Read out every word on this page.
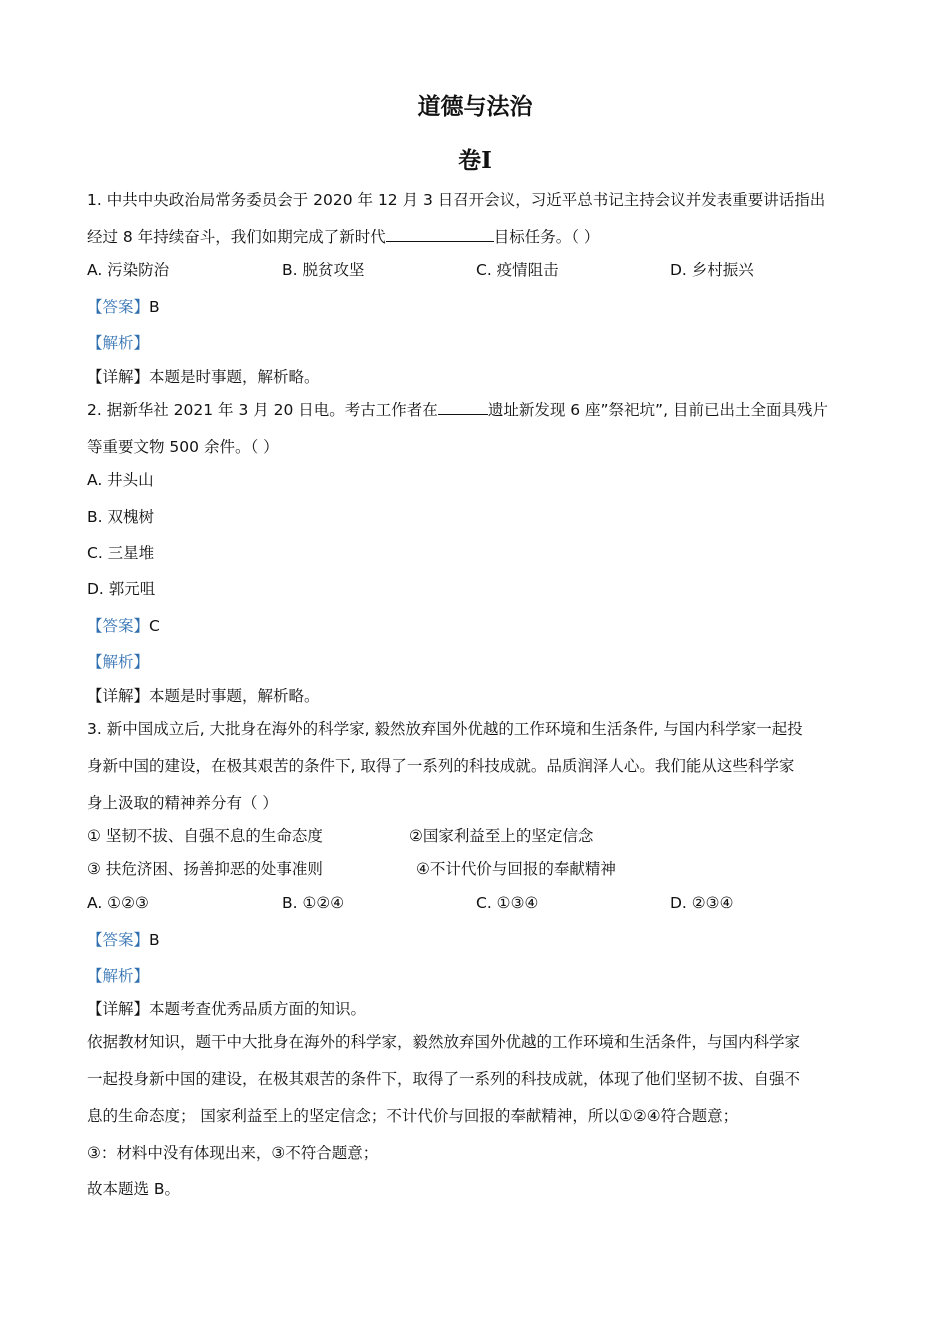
道德与法治
卷Ⅰ
1. 中共中央政治局常务委员会于 2020 年 12 月 3 日召开会议，习近平总书记主持会议并发表重要讲话指出
经过 8 年持续奋斗，我们如期完成了新时代	目标任务。（ ）
A. 污染防治	B. 脱贫攻坚	C. 疫情阻击	D. 乡村振兴
【答案】B
【解析】
【详解】本题是时事题，解析略。
2. 据新华社 2021 年 3 月 20 日电。考古工作者在	遗址新发现 6 座”祭祀坑”, 目前已出土全面具残片
等重要文物 500 余件。（ ）
A. 井头山
B. 双槐树
C. 三星堆
D. 郭元咀
【答案】C
【解析】
【详解】本题是时事题，解析略。
3. 新中国成立后, 大批身在海外的科学家, 毅然放弃国外优越的工作环境和生活条件, 与国内科学家一起投
身新中国的建设，在极其艰苦的条件下, 取得了一系列的科技成就。品质润泽人心。我们能从这些科学家
身上汲取的精神养分有（ ）
① 坚韧不拔、自强不息的生命态度	②国家利益至上的坚定信念
③ 扶危济困、扬善抑恶的处事准则	④不计代价与回报的奉献精神
A. ①②③	B. ①②④	C. ①③④	D. ②③④
【答案】B
【解析】
【详解】本题考查优秀品质方面的知识。
依据教材知识，题干中大批身在海外的科学家，毅然放弃国外优越的工作环境和生活条件，与国内科学家
一起投身新中国的建设，在极其艰苦的条件下，取得了一系列的科技成就，体现了他们坚韧不拔、自强不
息的生命态度； 国家利益至上的坚定信念；不计代价与回报的奉献精神，所以①②④符合题意；
③：材料中没有体现出来，③不符合题意；
故本题选 B。
